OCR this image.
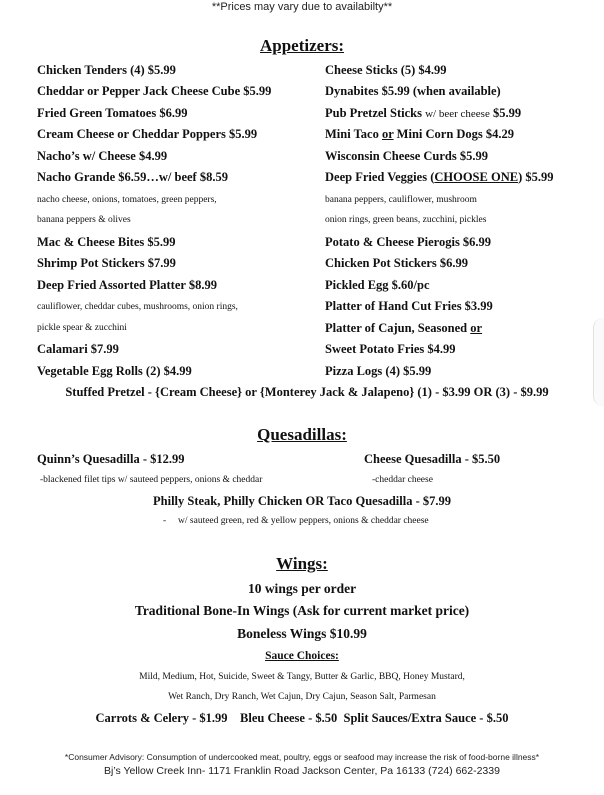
**Prices may vary due to availabilty**
Appetizers:
Chicken Tenders (4) $5.99
Cheddar or Pepper Jack Cheese Cube $5.99
Fried Green Tomatoes $6.99
Cream Cheese or Cheddar Poppers $5.99
Nacho’s w/ Cheese $4.99
Nacho Grande $6.59…w/ beef $8.59
nacho cheese, onions, tomatoes, green peppers,
banana peppers & olives
Mac & Cheese Bites $5.99
Shrimp Pot Stickers $7.99
Deep Fried Assorted Platter $8.99
cauliflower, cheddar cubes, mushrooms, onion rings,
pickle spear & zucchini
Calamari $7.99
Vegetable Egg Rolls (2) $4.99
Cheese Sticks (5) $4.99
Dynabites $5.99 (when available)
Pub Pretzel Sticks w/ beer cheese $5.99
Mini Taco or Mini Corn Dogs $4.29
Wisconsin Cheese Curds $5.99
Deep Fried Veggies (CHOOSE ONE) $5.99
banana peppers, cauliflower, mushroom
onion rings, green beans, zucchini, pickles
Potato & Cheese Pierogis $6.99
Chicken Pot Stickers $6.99
Pickled Egg $.60/pc
Platter of Hand Cut Fries $3.99
Platter of Cajun, Seasoned or
Sweet Potato Fries $4.99
Pizza Logs (4) $5.99
Stuffed Pretzel - {Cream Cheese} or {Monterey Jack & Jalapeno} (1) - $3.99 OR (3) - $9.99
Quesadillas:
Quinn’s Quesadilla - $12.99
-blackened filet tips w/ sauteed peppers, onions & cheddar
Cheese Quesadilla - $5.50
-cheddar cheese
Philly Steak, Philly Chicken OR Taco Quesadilla - $7.99
-     w/ sauteed green, red & yellow peppers, onions & cheddar cheese
Wings:
10 wings per order
Traditional Bone-In Wings (Ask for current market price)
Boneless Wings $10.99
Sauce Choices:
Mild, Medium, Hot, Suicide, Sweet & Tangy, Butter & Garlic, BBQ, Honey Mustard,
Wet Ranch, Dry Ranch, Wet Cajun, Dry Cajun, Season Salt, Parmesan
Carrots & Celery - $1.99    Bleu Cheese - $.50  Split Sauces/Extra Sauce - $.50
*Consumer Advisory: Consumption of undercooked meat, poultry, eggs or seafood may increase the risk of food-borne illness*
Bj’s Yellow Creek Inn- 1171 Franklin Road Jackson Center, Pa 16133 (724) 662-2339
